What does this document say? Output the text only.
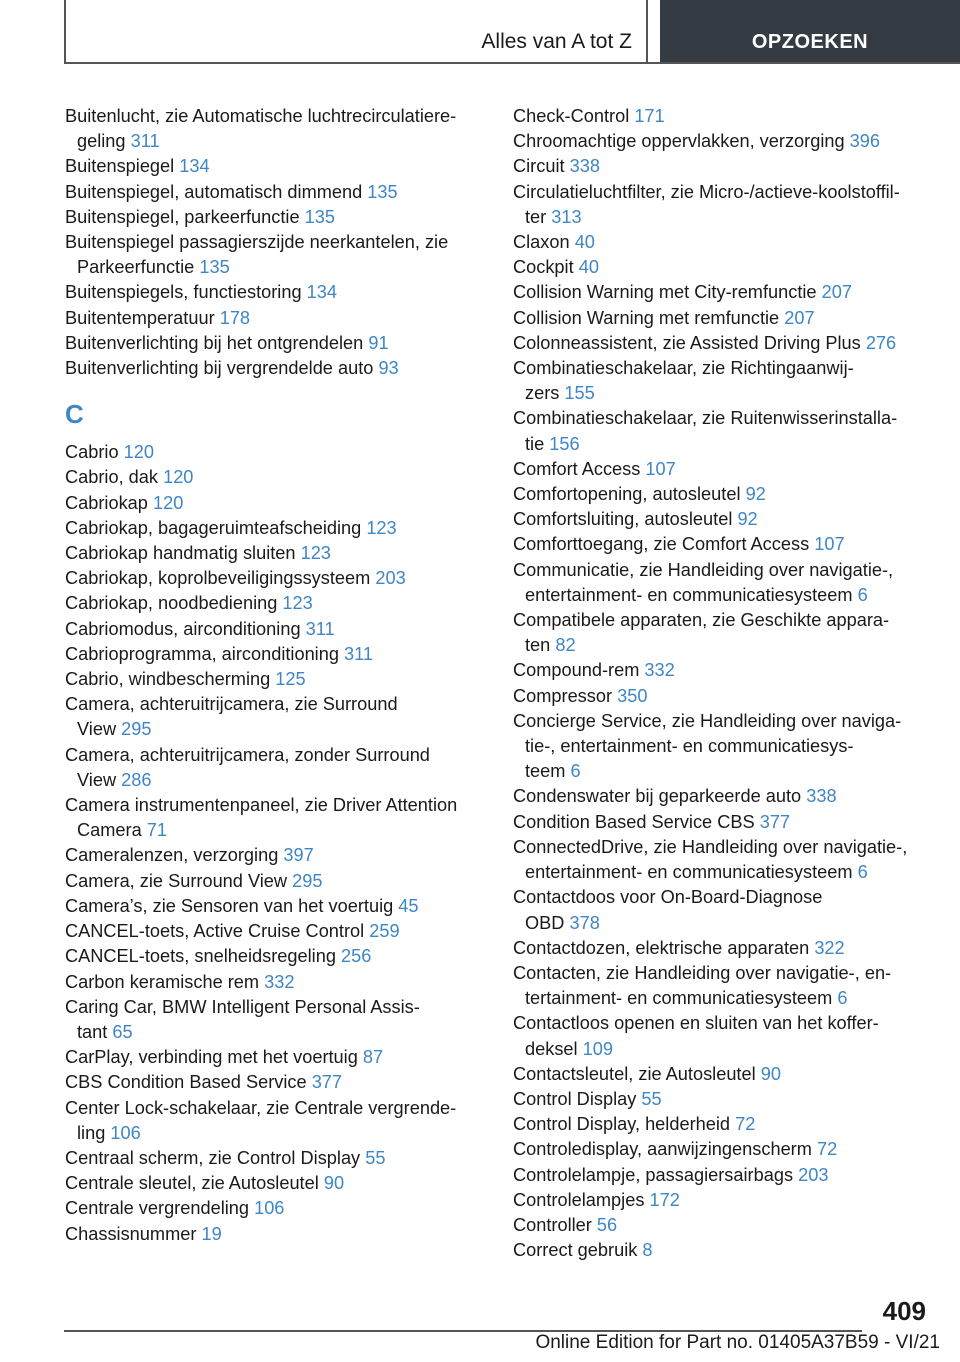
Alles van A tot Z	OPZOEKEN
Buitenlucht, zie Automatische luchtrecirculatiere-
geling 311
Buitenspiegel 134
Buitenspiegel, automatisch dimmend 135
Buitenspiegel, parkeerfunctie 135
Buitenspiegel passagierszijde neerkantelen, zie
Parkeerfunctie 135
Buitenspiegels, functiestoring 134
Buitentemperatuur 178
Buitenverlichting bij het ontgrendelen 91
Buitenverlichting bij vergrendelde auto 93
C
Cabrio 120
Cabrio, dak 120
Cabriokap 120
Cabriokap, bagageruimteafscheiding 123
Cabriokap handmatig sluiten 123
Cabriokap, koprolbeveiligingssysteem 203
Cabriokap, noodbediening 123
Cabriomodus, airconditioning 311
Cabrioprogramma, airconditioning 311
Cabrio, windbescherming 125
Camera, achteruitrijcamera, zie Surround
View 295
Camera, achteruitrijcamera, zonder Surround
View 286
Camera instrumentenpaneel, zie Driver Attention
Camera 71
Cameralenzen, verzorging 397
Camera, zie Surround View 295
Camera’s, zie Sensoren van het voertuig 45
CANCEL-toets, Active Cruise Control 259
CANCEL-toets, snelheidsregeling 256
Carbon keramische rem 332
Caring Car, BMW Intelligent Personal Assis-
tant 65
CarPlay, verbinding met het voertuig 87
CBS Condition Based Service 377
Center Lock-schakelaar, zie Centrale vergrende-
ling 106
Centraal scherm, zie Control Display 55
Centrale sleutel, zie Autosleutel 90
Centrale vergrendeling 106
Chassisnummer 19
Check-Control 171
Chroomachtige oppervlakken, verzorging 396
Circuit 338
Circulatieluchtfilter, zie Micro-/actieve-koolstoffil-
ter 313
Claxon 40
Cockpit 40
Collision Warning met City-remfunctie 207
Collision Warning met remfunctie 207
Colonneassistent, zie Assisted Driving Plus 276
Combinatieschakelaar, zie Richtingaanwij-
zers 155
Combinatieschakelaar, zie Ruitenwisserinstalla-
tie 156
Comfort Access 107
Comfortopening, autosleutel 92
Comfortsluiting, autosleutel 92
Comforttoegang, zie Comfort Access 107
Communicatie, zie Handleiding over navigatie-,
entertainment- en communicatiesysteem 6
Compatibele apparaten, zie Geschikte appara-
ten 82
Compound-rem 332
Compressor 350
Concierge Service, zie Handleiding over naviga-
tie-, entertainment- en communicatiesys-
teem 6
Condenswater bij geparkeerde auto 338
Condition Based Service CBS 377
ConnectedDrive, zie Handleiding over navigatie-,
entertainment- en communicatiesysteem 6
Contactdoos voor On-Board-Diagnose
OBD 378
Contactdozen, elektrische apparaten 322
Contacten, zie Handleiding over navigatie-, en-
tertainment- en communicatiesysteem 6
Contactloos openen en sluiten van het koffer-
deksel 109
Contactsleutel, zie Autosleutel 90
Control Display 55
Control Display, helderheid 72
Controledisplay, aanwijzingenscherm 72
Controlelampje, passagiersairbags 203
Controlelampjes 172
Controller 56
Correct gebruik 8
409
Online Edition for Part no. 01405A37B59 - VI/21
